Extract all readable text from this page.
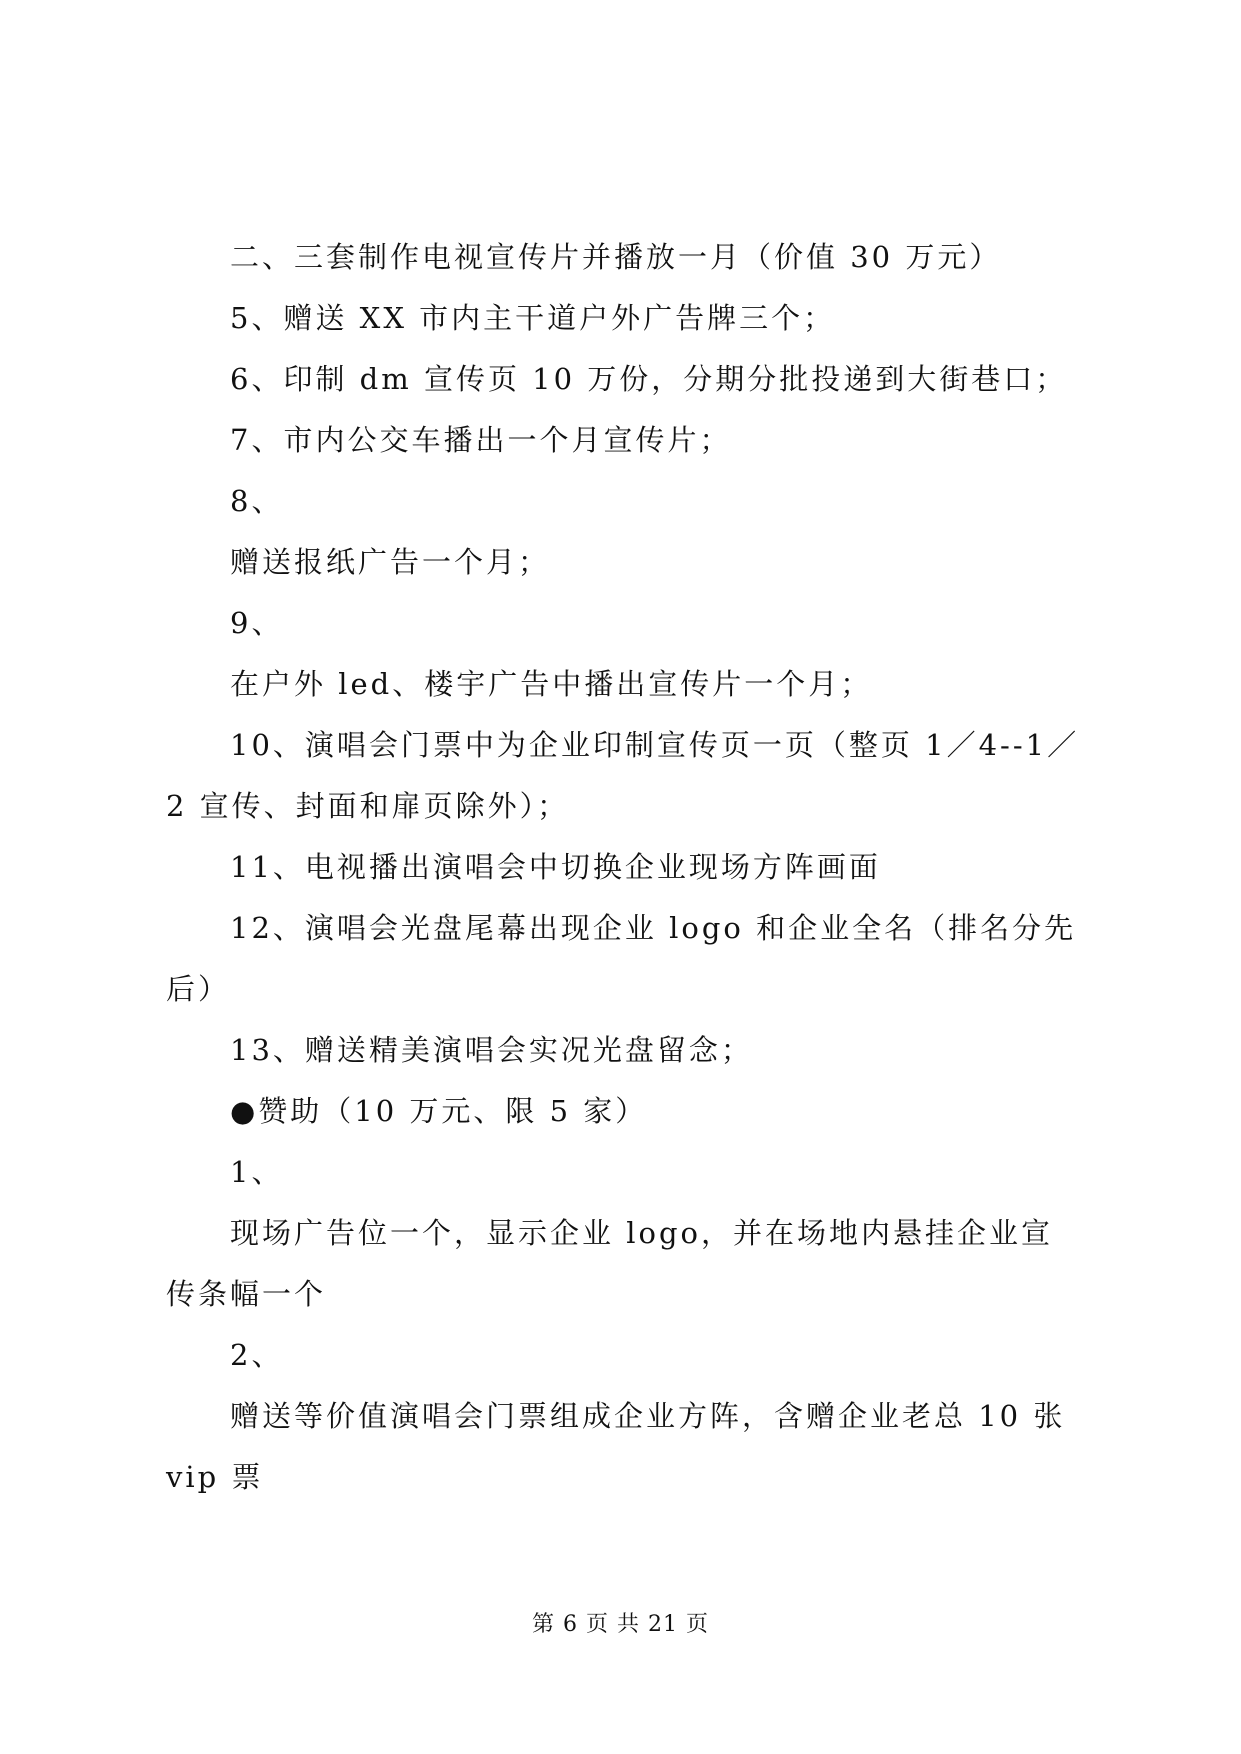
二、三套制作电视宣传片并播放一月（价值 30 万元）
5、赠送 XX 市内主干道户外广告牌三个；
6、印制 dm 宣传页 10 万份，分期分批投递到大街巷口；
7、市内公交车播出一个月宣传片；
8、
赠送报纸广告一个月；
9、
在户外 led、楼宇广告中播出宣传片一个月；
10、演唱会门票中为企业印制宣传页一页（整页 1／4--1／
2 宣传、封面和扉页除外）；
11、电视播出演唱会中切换企业现场方阵画面
12、演唱会光盘尾幕出现企业 logo 和企业全名（排名分先
后）
13、赠送精美演唱会实况光盘留念；
●赞助（10 万元、限 5 家）
1、
现场广告位一个，显示企业 logo，并在场地内悬挂企业宣
传条幅一个
2、
赠送等价值演唱会门票组成企业方阵，含赠企业老总 10 张
vip 票
第 6 页 共 21 页
